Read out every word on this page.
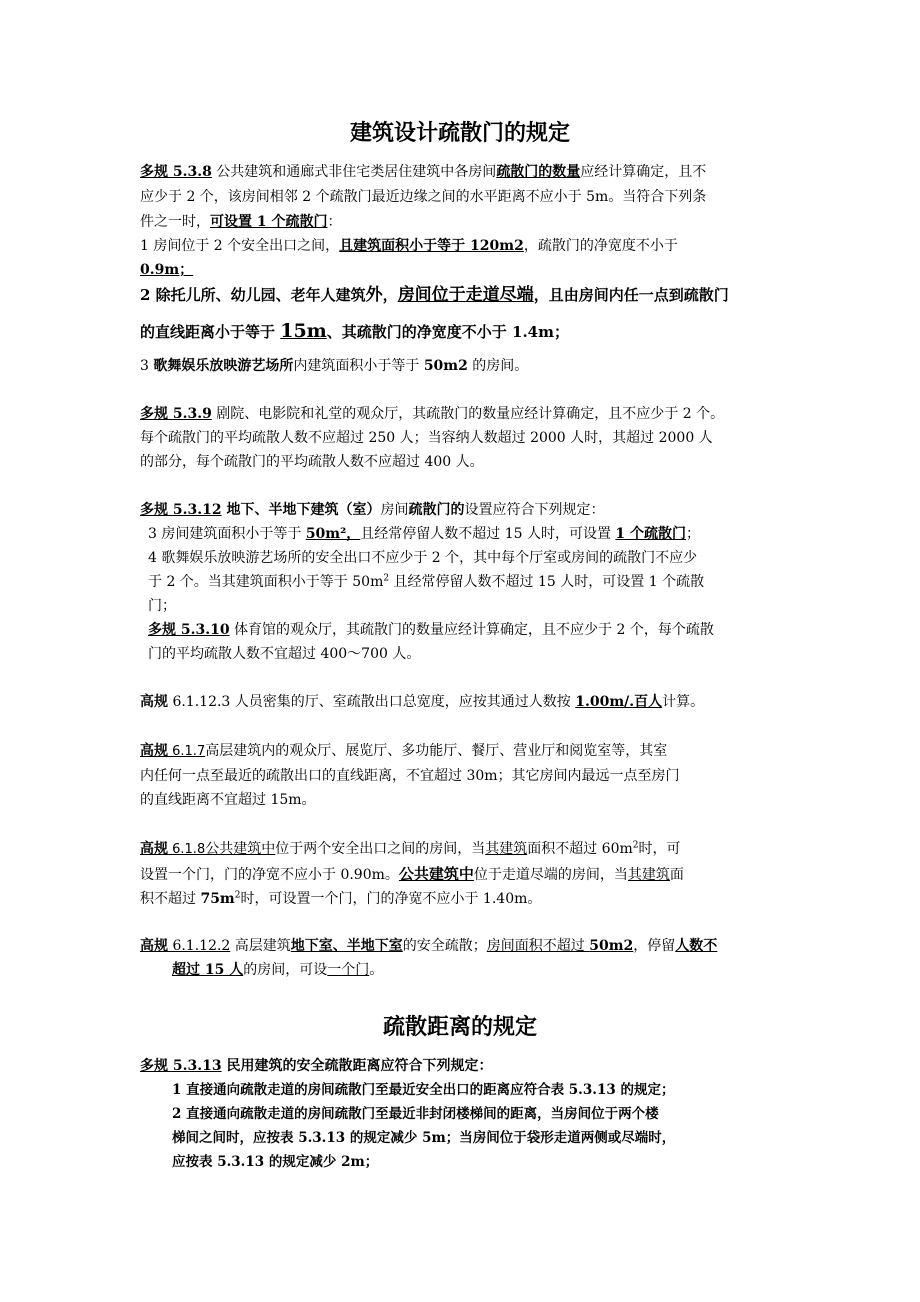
建筑设计疏散门的规定
多规 5.3.8 公共建筑和通廊式非住宅类居住建筑中各房间疏散门的数量应经计算确定，且不
应少于 2 个，该房间相邻 2 个疏散门最近边缘之间的水平距离不应小于 5m。当符合下列条
件之一时，可设置 1 个疏散门：
1 房间位于 2 个安全出口之间，且建筑面积小于等于 120m2，疏散门的净宽度不小于
0.9m；
2 除托儿所、幼儿园、老年人建筑外，房间位于走道尽端，且由房间内任一点到疏散门
的直线距离小于等于 15m、其疏散门的净宽度不小于 1.4m；
3 歌舞娱乐放映游艺场所内建筑面积小于等于 50m2 的房间。
多规 5.3.9 剧院、电影院和礼堂的观众厅，其疏散门的数量应经计算确定，且不应少于 2 个。
每个疏散门的平均疏散人数不应超过 250 人；当容纳人数超过 2000 人时，其超过 2000 人
的部分，每个疏散门的平均疏散人数不应超过 400 人。
多规 5.3.12 地下、半地下建筑（室）房间疏散门的设置应符合下列规定：
3 房间建筑面积小于等于 50m²，且经常停留人数不超过 15 人时，可设置 1 个疏散门；
4 歌舞娱乐放映游艺场所的安全出口不应少于 2 个，其中每个厅室或房间的疏散门不应少
于 2 个。当其建筑面积小于等于 $50m^2$ 且经常停留人数不超过 15 人时，可设置 1 个疏散
门；
多规 5.3.10 体育馆的观众厅，其疏散门的数量应经计算确定，且不应少于 2 个，每个疏散
门的平均疏散人数不宜超过 400～700 人。
高规 6.1.12.3 人员密集的厅、室疏散出口总宽度，应按其通过人数按 1.00m/.百人计算。
高规 6.1.7高层建筑内的观众厅、展览厅、多功能厅、餐厅、营业厅和阅览室等，其室
内任何一点至最近的疏散出口的直线距离，不宜超过 30m；其它房间内最远一点至房门
的直线距离不宜超过 15m。
高规 6.1.8公共建筑中位于两个安全出口之间的房间，当其建筑面积不超过 $60m^2$时，可
设置一个门，门的净宽不应小于 0.90m。公共建筑中位于走道尽端的房间，当其建筑面
积不超过 $75m^2$时，可设置一个门，门的净宽不应小于 1.40m。
高规 6.1.12.2 高层建筑地下室、半地下室的安全疏散；房间面积不超过 50m2，停留人数不
超过 15 人的房间，可设一个门。
疏散距离的规定
多规 5.3.13 民用建筑的安全疏散距离应符合下列规定：
1 直接通向疏散走道的房间疏散门至最近安全出口的距离应符合表 5.3.13 的规定；
2 直接通向疏散走道的房间疏散门至最近非封闭楼梯间的距离，当房间位于两个楼
梯间之间时，应按表 5.3.13 的规定减少 5m；当房间位于袋形走道两侧或尽端时，
应按表 5.3.13 的规定减少 2m；
